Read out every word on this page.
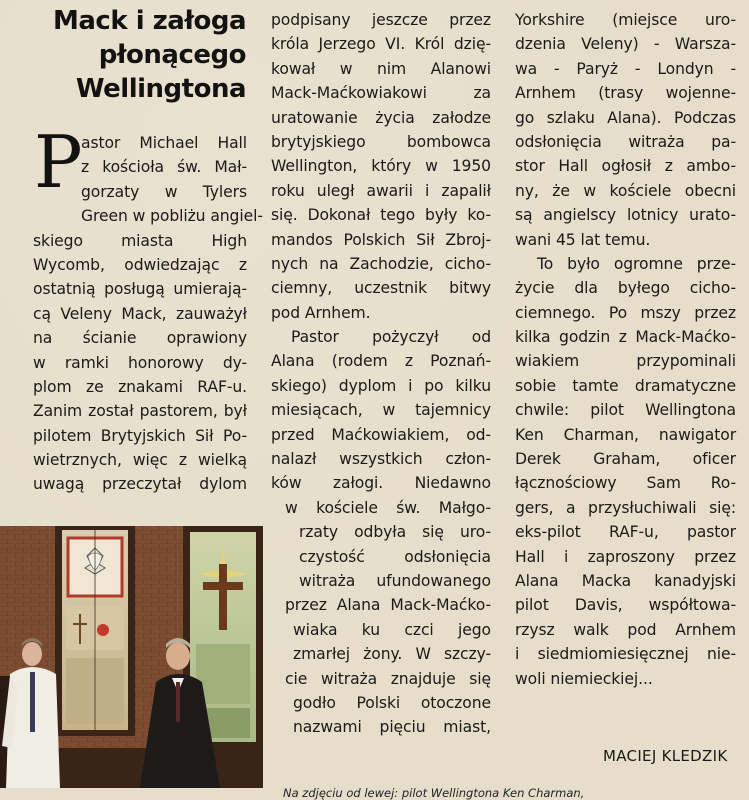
Mack i załoga
płonącego
Wellingtona
P
astor Michael Hall
z kościoła św. Mał-
gorzaty w Tylers
Green w pobliżu angiel-
skiego miasta High
Wycomb, odwiedzając z
ostatnią posługą umierają-
cą Veleny Mack, zauważył
na ścianie oprawiony
w ramki honorowy dy-
plom ze znakami RAF-u.
Zanim został pastorem, był
pilotem Brytyjskich Sił Po-
wietrznych, więc z wielką
uwagą przeczytał dylom
podpisany jeszcze przez
króla Jerzego VI. Król dzię-
kował w nim Alanowi
Mack-Maćkowiakowi za
uratowanie życia załodze
brytyjskiego bombowca
Wellington, który w 1950
roku uległ awarii i zapalił
się. Dokonał tego były ko-
mandos Polskich Sił Zbroj-
nych na Zachodzie, cicho-
ciemny, uczestnik bitwy
pod Arnhem.
Pastor pożyczył od
Alana (rodem z Poznań-
skiego) dyplom i po kilku
miesiącach, w tajemnicy
przed Maćkowiakiem, od-
nalazł wszystkich człon-
ków załogi. Niedawno
w kościele św. Małgo-
rzaty odbyła się uro-
czystość odsłonięcia
witraża ufundowanego
przez Alana Mack-Maćko-
wiaka ku czci jego
zmarłej żony. W szczy-
cie witraża znajduje się
godło Polski otoczone
nazwami pięciu miast,
Yorkshire (miejsce uro-
dzenia Veleny) - Warsza-
wa - Paryż - Londyn -
Arnhem (trasy wojenne-
go szlaku Alana). Podczas
odsłonięcia witraża pa-
stor Hall ogłosił z ambo-
ny, że w kościele obecni
są angielscy lotnicy urato-
wani 45 lat temu.
To było ogromne prze-
życie dla byłego cicho-
ciemnego. Po mszy przez
kilka godzin z Mack-Maćko-
wiakiem przypominali
sobie tamte dramatyczne
chwile: pilot Wellingtona
Ken Charman, nawigator
Derek Graham, oficer
łącznościowy Sam Ro-
gers, a przysłuchiwali się:
eks-pilot RAF-u, pastor
Hall i zaproszony przez
Alana Macka kanadyjski
pilot Davis, współtowa-
rzysz walk pod Arnhem
i siedmiomiesięcznej nie-
woli niemieckiej...
Na zdjęciu od lewej: pilot Wellingtona Ken Charman,
MACIEJ KLEDZIK
